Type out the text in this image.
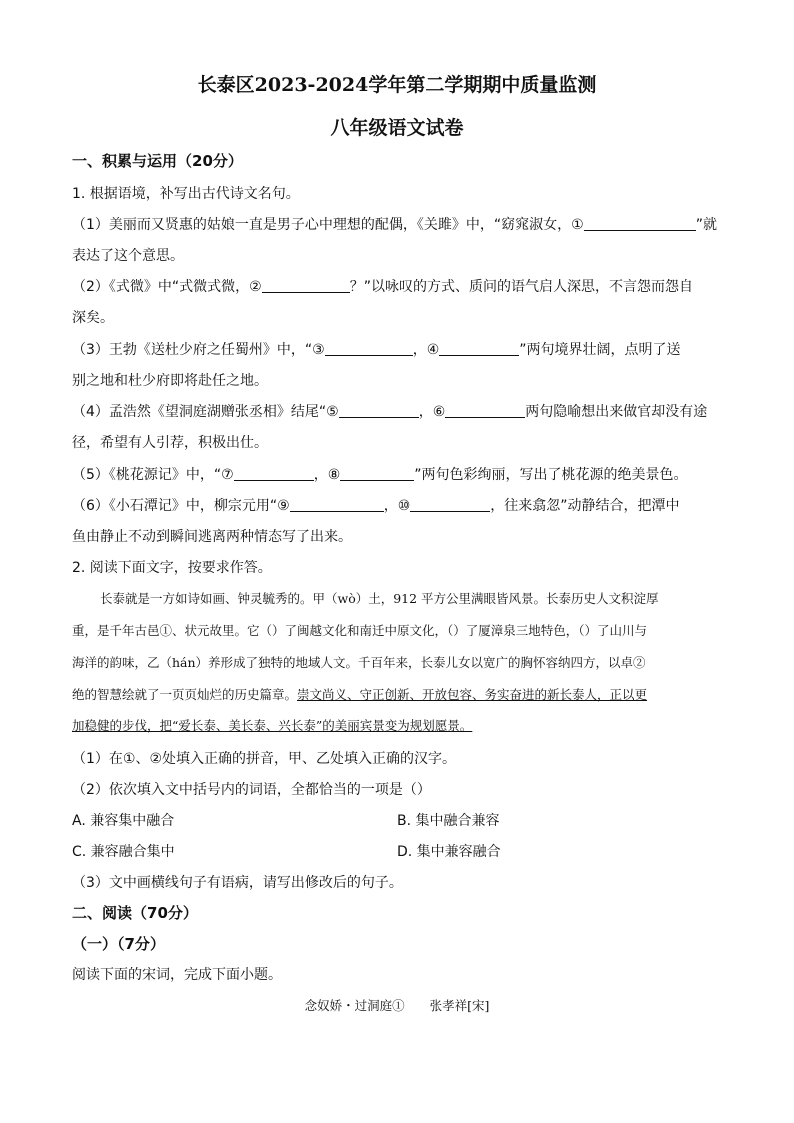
长泰区2023-2024学年第二学期期中质量监测
八年级语文试卷
一、积累与运用（20分）
1. 根据语境，补写出古代诗文名句。
（1）美丽而又贤惠的姑娘一直是男子心中理想的配偶，《关雎》中，“窈窕淑女，①	”就
表达了这个意思。
（2）《式微》中“式微式微，②	？”以咏叹的方式、质问的语气启人深思，不言怨而怨自
深矣。
（3）王勃《送杜少府之任蜀州》中，“③	，④	”两句境界壮阔，点明了送
别之地和杜少府即将赴任之地。
（4）孟浩然《望洞庭湖赠张丞相》结尾“⑤	，⑥	两句隐喻想出来做官却没有途
径，希望有人引荐，积极出仕。
（5）《桃花源记》中，“⑦	，⑧	”两句色彩绚丽，写出了桃花源的绝美景色。
（6）《小石潭记》中，柳宗元用“⑨	，⑩	，往来翕忽”动静结合，把潭中
鱼由静止不动到瞬间逃离两种情态写了出来。
2. 阅读下面文字，按要求作答。
长泰就是一方如诗如画、钟灵毓秀的。甲（wò）土，912 平方公里满眼皆风景。长泰历史人文积淀厚
重，是千年古邑①、状元故里。它（）了闽越文化和南迁中原文化，（）了厦漳泉三地特色，（）了山川与
海洋的韵味，乙（hán）养形成了独特的地域人文。千百年来，长泰儿女以宽广的胸怀容纳四方，以卓②
绝的智慧绘就了一页页灿烂的历史篇章。崇文尚义、守正创新、开放包容、务实奋进的新长泰人，正以更
加稳健的步伐，把“爱长泰、美长泰、兴长泰”的美丽宾景变为规划愿景。
（1）在①、②处填入正确的拼音，甲、乙处填入正确的汉字。
（2）依次填入文中括号内的词语，全都恰当的一项是（）
A. 兼容集中融合	B. 集中融合兼容
C. 兼容融合集中	D. 集中兼容融合
（3）文中画横线句子有语病，请写出修改后的句子。
二、阅读（70分）
（一）（7分）
阅读下面的宋词，完成下面小题。
念奴娇・过洞庭①　　张孝祥[宋]
